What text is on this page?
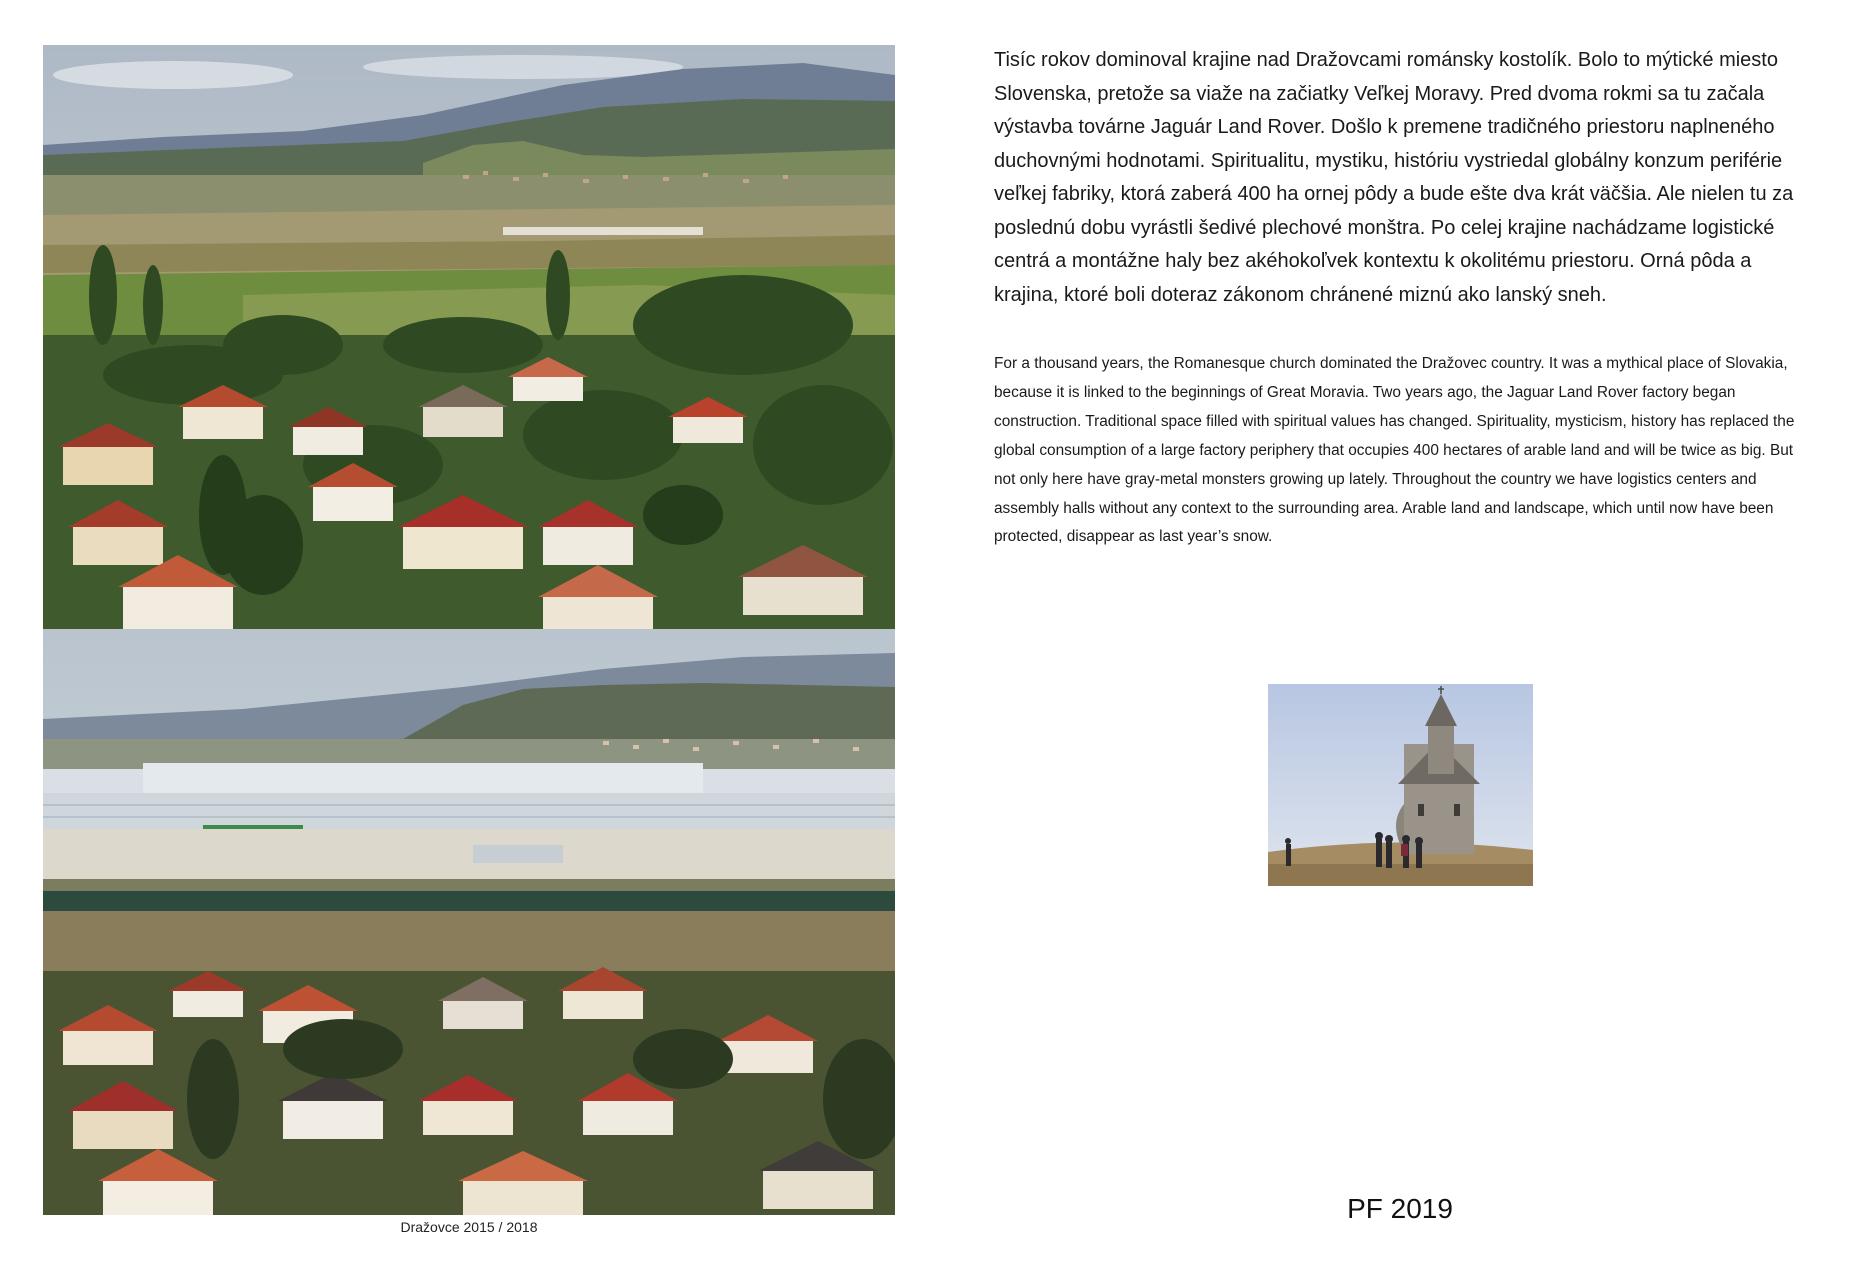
Dražovce 2015 / 2018

Tisíc rokov dominoval krajine nad Dražovcami románsky kostolík. Bolo to mýtické miesto Slovenska, pretože sa viaže na začiatky Veľkej Moravy. Pred dvoma rokmi sa tu začala výstavba továrne Jaguár Land Rover. Došlo k premene tradičného priestoru naplneného duchovnými hodnotami. Spiritualitu, mystiku, históriu vystriedal globálny konzum periférie veľkej fabriky, ktorá zaberá 400 ha ornej pôdy a bude ešte dva krát väčšia. Ale nielen tu za poslednú dobu vyrástli šedivé plechové monštra. Po celej krajine nachádzame logistické centrá a montážne haly bez akéhokoľvek kontextu k okolitému priestoru. Orná pôda a krajina, ktoré boli doteraz zákonom chránené miznú ako lanský sneh.

For a thousand years, the Romanesque church dominated the Dražovec country. It was a mythical place of Slovakia, because it is linked to the beginnings of Great Moravia. Two years ago, the Jaguar Land Rover factory began construction. Traditional space filled with spiritual values has changed. Spirituality, mysticism, history has replaced the global consumption of a large factory periphery that occupies 400 hectares of arable land and will be twice as big. But not only here have gray-metal monsters growing up lately. Throughout the country we have logistics centers and assembly halls without any context to the surrounding area. Arable land and landscape, which until now have been protected, disappear as last year’s snow.

PF 2019
